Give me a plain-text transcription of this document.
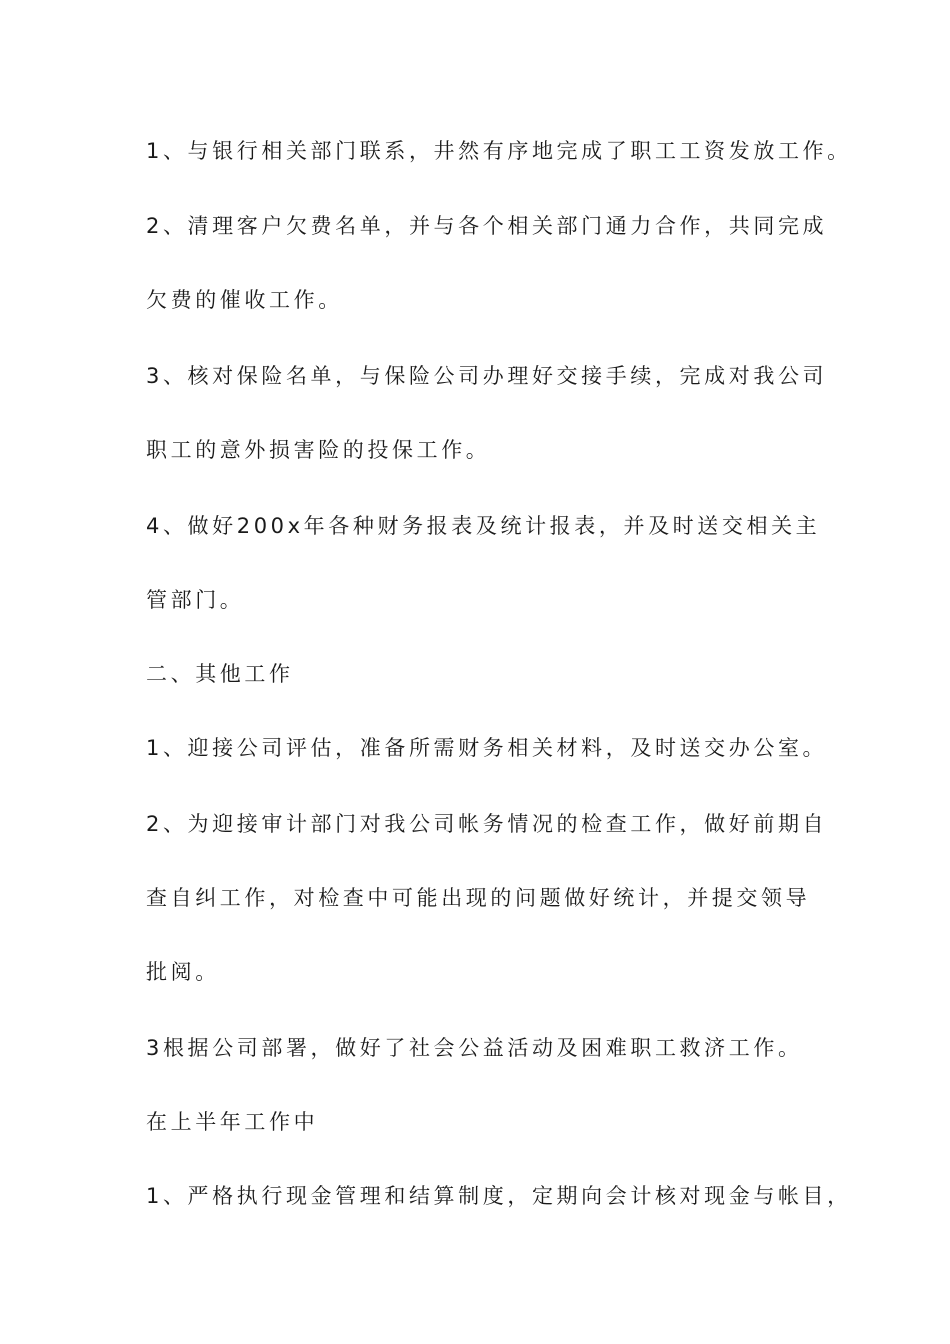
1、与银行相关部门联系，井然有序地完成了职工工资发放工作。
2、清理客户欠费名单，并与各个相关部门通力合作，共同完成
欠费的催收工作。
3、核对保险名单，与保险公司办理好交接手续，完成对我公司
职工的意外损害险的投保工作。
4、做好200x年各种财务报表及统计报表，并及时送交相关主
管部门。
二、其他工作
1、迎接公司评估，准备所需财务相关材料，及时送交办公室。
2、为迎接审计部门对我公司帐务情况的检查工作，做好前期自
查自纠工作，对检查中可能出现的问题做好统计，并提交领导
批阅。
3根据公司部署，做好了社会公益活动及困难职工救济工作。
在上半年工作中
1、严格执行现金管理和结算制度，定期向会计核对现金与帐目，
